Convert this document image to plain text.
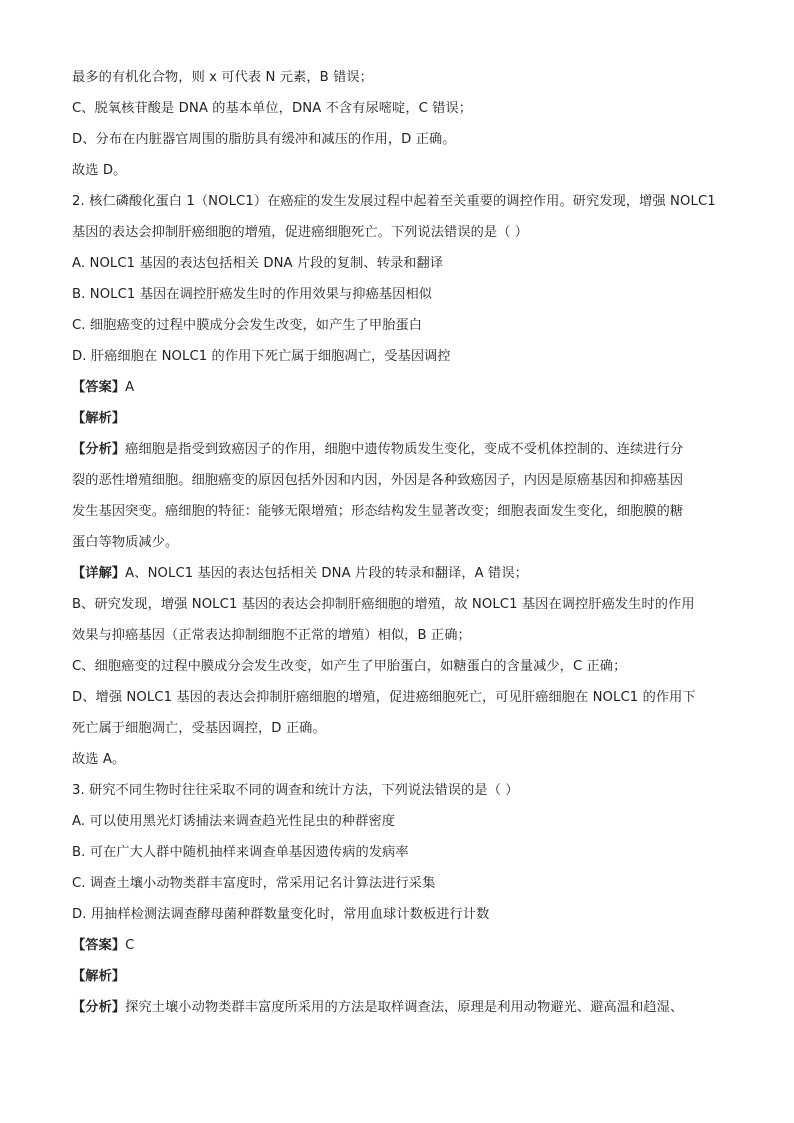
最多的有机化合物，则 x 可代表 N 元素，B 错误；
C、脱氧核苷酸是 DNA 的基本单位，DNA 不含有尿嘧啶，C 错误；
D、分布在内脏器官周围的脂肪具有缓冲和减压的作用，D 正确。
故选 D。
2. 核仁磷酸化蛋白 1（NOLC1）在癌症的发生发展过程中起着至关重要的调控作用。研究发现，增强 NOLC1
基因的表达会抑制肝癌细胞的增殖，促进癌细胞死亡。下列说法错误的是（ ）
A. NOLC1 基因的表达包括相关 DNA 片段的复制、转录和翻译
B. NOLC1 基因在调控肝癌发生时的作用效果与抑癌基因相似
C. 细胞癌变的过程中膜成分会发生改变，如产生了甲胎蛋白
D. 肝癌细胞在 NOLC1 的作用下死亡属于细胞凋亡，受基因调控
【答案】A
【解析】
【分析】癌细胞是指受到致癌因子的作用，细胞中遗传物质发生变化，变成不受机体控制的、连续进行分
裂的恶性增殖细胞。细胞癌变的原因包括外因和内因，外因是各种致癌因子，内因是原癌基因和抑癌基因
发生基因突变。癌细胞的特征：能够无限增殖；形态结构发生显著改变；细胞表面发生变化，细胞膜的糖
蛋白等物质减少。
【详解】A、NOLC1 基因的表达包括相关 DNA 片段的转录和翻译，A 错误；
B、研究发现，增强 NOLC1 基因的表达会抑制肝癌细胞的增殖，故 NOLC1 基因在调控肝癌发生时的作用
效果与抑癌基因（正常表达抑制细胞不正常的增殖）相似，B 正确；
C、细胞癌变的过程中膜成分会发生改变，如产生了甲胎蛋白，如糖蛋白的含量减少，C 正确；
D、增强 NOLC1 基因的表达会抑制肝癌细胞的增殖，促进癌细胞死亡，可见肝癌细胞在 NOLC1 的作用下
死亡属于细胞凋亡，受基因调控，D 正确。
故选 A。
3. 研究不同生物时往往采取不同的调查和统计方法，下列说法错误的是（ ）
A. 可以使用黑光灯诱捕法来调查趋光性昆虫的种群密度
B. 可在广大人群中随机抽样来调查单基因遗传病的发病率
C. 调查土壤小动物类群丰富度时，常采用记名计算法进行采集
D. 用抽样检测法调查酵母菌种群数量变化时，常用血球计数板进行计数
【答案】C
【解析】
【分析】探究土壤小动物类群丰富度所采用的方法是取样调查法，原理是利用动物避光、避高温和趋湿、
